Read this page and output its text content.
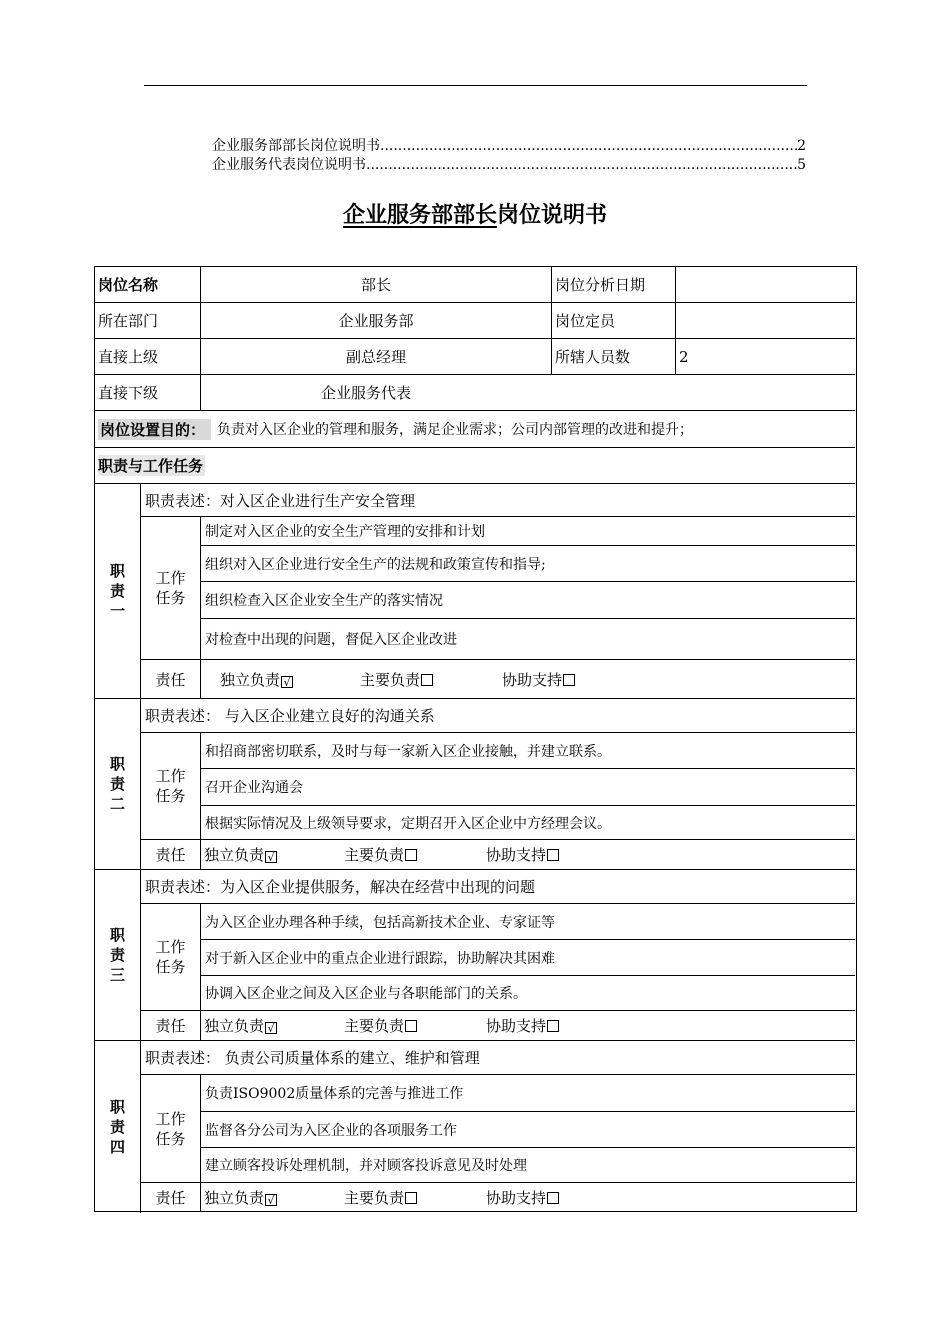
企业服务部部长岗位说明书 .....	2
企业服务代表岗位说明书 .....	5
企业服务部部长岗位说明书
岗位名称	部长	岗位分析日期
所在部门	企业服务部	岗位定员
直接上级	副总经理	所辖人员数	2
直接下级	企业服务代表
岗位设置目的： 负责对入区企业的管理和服务，满足企业需求；公司内部管理的改进和提升；
职责与工作任务
职责一
职责表述：对入区企业进行生产安全管理
工作任务
制定对入区企业的安全生产管理的安排和计划
组织对入区企业进行安全生产的法规和政策宣传和指导;
组织检查入区企业安全生产的落实情况
对检查中出现的问题，督促入区企业改进
责任	独立负责 √	主要负责	协助支持
职责二
职责表述： 与入区企业建立良好的沟通关系
工作任务
和招商部密切联系，及时与每一家新入区企业接触，并建立联系。
召开企业沟通会
根据实际情况及上级领导要求，定期召开入区企业中方经理会议。
责任	独立负责 √	主要负责	协助支持
职责三
职责表述：为入区企业提供服务，解决在经营中出现的问题
工作任务
为入区企业办理各种手续，包括高新技术企业、专家证等
对于新入区企业中的重点企业进行跟踪，协助解决其困难
协调入区企业之间及入区企业与各职能部门的关系。
责任	独立负责 √	主要负责	协助支持
职责四
职责表述： 负责公司质量体系的建立、维护和管理
工作任务
负责ISO9002质量体系的完善与推进工作
监督各分公司为入区企业的各项服务工作
建立顾客投诉处理机制，并对顾客投诉意见及时处理
责任	独立负责 √	主要负责	协助支持
